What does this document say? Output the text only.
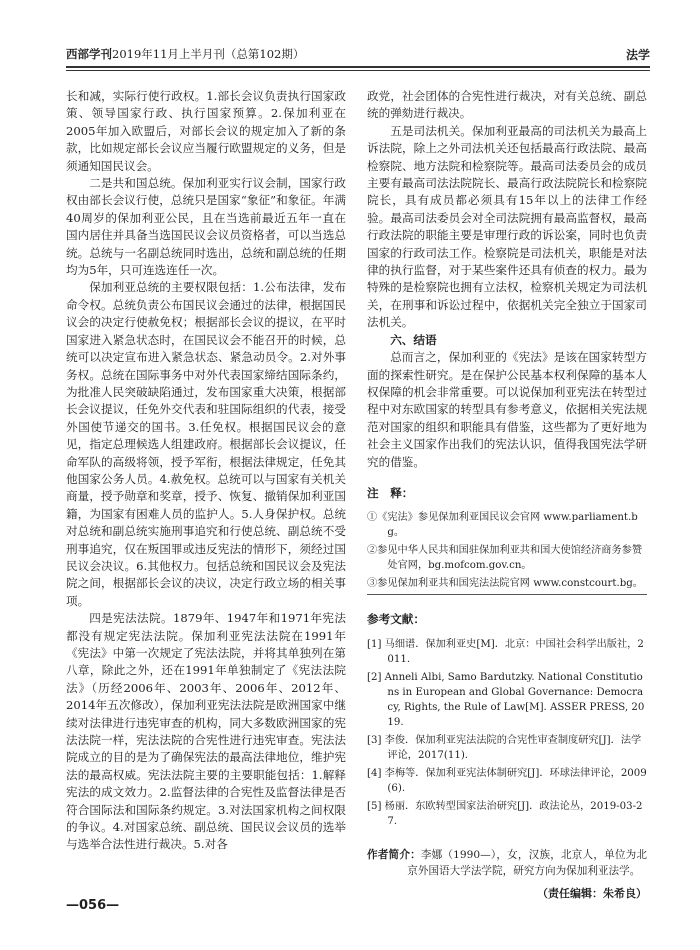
西部学刊2019年11月上半月刊（总第102期）	法学

长和减，实际行使行政权。1.部长会议负责执行国家政策、领导国家行政、执行国家预算。2.保加利亚在2005年加入欧盟后，对部长会议的规定加入了新的条款，比如规定部长会议应当履行欧盟规定的义务，但是须通知国民议会。

二是共和国总统。保加利亚实行议会制，国家行政权由部长会议行使，总统只是国家“象征”和象征。年满40周岁的保加利亚公民，且在当选前最近五年一直在国内居住并具备当选国民议会议员资格者，可以当选总统。总统与一名副总统同时选出，总统和副总统的任期均为5年，只可连选连任一次。

保加利亚总统的主要权限包括：1.公布法律，发布命令权。总统负责公布国民议会通过的法律，根据国民议会的决定行使赦免权；根据部长会议的提议，在平时国家进入紧急状态时，在国民议会不能召开的时候，总统可以决定宣布进入紧急状态、紧急动员令。2.对外事务权。总统在国际事务中对外代表国家缔结国际条约，为批准人民突破缺陷通过，发布国家重大决策，根据部长会议提议，任免外交代表和驻国际组织的代表，接受外国使节递交的国书。3.任免权。根据国民议会的意见，指定总理候选人组建政府。根据部长会议提议，任命军队的高级将领，授予军衔，根据法律规定，任免其他国家公务人员。4.赦免权。总统可以与国家有关机关商量，授予勋章和奖章，授予、恢复、撤销保加利亚国籍，为国家有困难人员的监护人。5.人身保护权。总统对总统和副总统实施刑事追究和行使总统、副总统不受刑事追究，仅在叛国罪或违反宪法的情形下，须经过国民议会决议。6.其他权力。包括总统和国民议会及宪法院之间，根据部长会议的决议，决定行政立场的相关事项。

四是宪法法院。1879年、1947年和1971年宪法都没有规定宪法法院。保加利亚宪法法院在1991年《宪法》中第一次规定了宪法法院，并将其单独列在第八章，除此之外，还在1991年单独制定了《宪法法院法》（历经2006年、2003年、2006年、2012年、2014年五次修改），保加利亚宪法法院是欧洲国家中继续对法律进行违宪审查的机构，同大多数欧洲国家的宪法法院一样，宪法法院的合宪性进行违宪审查。宪法法院成立的目的是为了确保宪法的最高法律地位，维护宪法的最高权威。宪法法院主要的主要职能包括：1.解释宪法的成文效力。2.监督法律的合宪性及监督法律是否符合国际法和国际条约规定。3.对法国家机构之间权限的争议。4.对国家总统、副总统、国民议会议员的选举与选举合法性进行裁决。5.对各

政党，社会团体的合宪性进行裁决，对有关总统、副总统的弹劾进行裁决。

五是司法机关。保加利亚最高的司法机关为最高上诉法院，除上之外司法机关还包括最高行政法院、最高检察院、地方法院和检察院等。最高司法委员会的成员主要有最高司法法院院长、最高行政法院院长和检察院院长，具有成员都必须具有15年以上的法律工作经验。最高司法委员会对全司法院拥有最高监督权，最高行政法院的职能主要是审理行政的诉讼案，同时也负责国家的行政司法工作。检察院是司法机关，职能是对法律的执行监督，对于某些案件还具有侦查的权力。最为特殊的是检察院也拥有立法权，检察机关规定为司法机关，在刑事和诉讼过程中，依据机关完全独立于国家司法机关。

六、结语

总而言之，保加利亚的《宪法》是该在国家转型方面的探索性研究。是在保护公民基本权利保障的基本人权保障的机会非常重要。可以说保加利亚宪法在转型过程中对东欧国家的转型具有参考意义，依据相关宪法规范对国家的组织和职能具有借鉴，这些都为了更好地为社会主义国家作出我们的宪法认识，值得我国宪法学研究的借鉴。

注　释：

①《宪法》参见保加利亚国民议会官网 www.parliament.bg。

②参见中华人民共和国驻保加利亚共和国大使馆经济商务参赞处官网，bg.mofcom.gov.cn。

③参见保加利亚共和国宪法法院官网 www.constcourt.bg。

参考文献：

[1] 马细谱．保加利亚史[M]．北京：中国社会科学出版社，2011.

[2] Anneli Albi, Samo Bardutzky. National Constitutions in European and Global Governance: Democracy, Rights, the Rule of Law[M]. ASSER PRESS, 2019.

[3] 李俊．保加利亚宪法法院的合宪性审查制度研究[J]．法学评论，2017(11).

[4] 李梅等．保加利亚宪法体制研究[J]．环球法律评论，2009(6).

[5] 杨丽．东欧转型国家法治研究[J]．政法论丛，2019-03-27.

作者简介：李娜（1990—），女，汉族，北京人，单位为北京外国语大学法学院，研究方向为保加利亚法学。
（责任编辑：朱希良）
—056—
